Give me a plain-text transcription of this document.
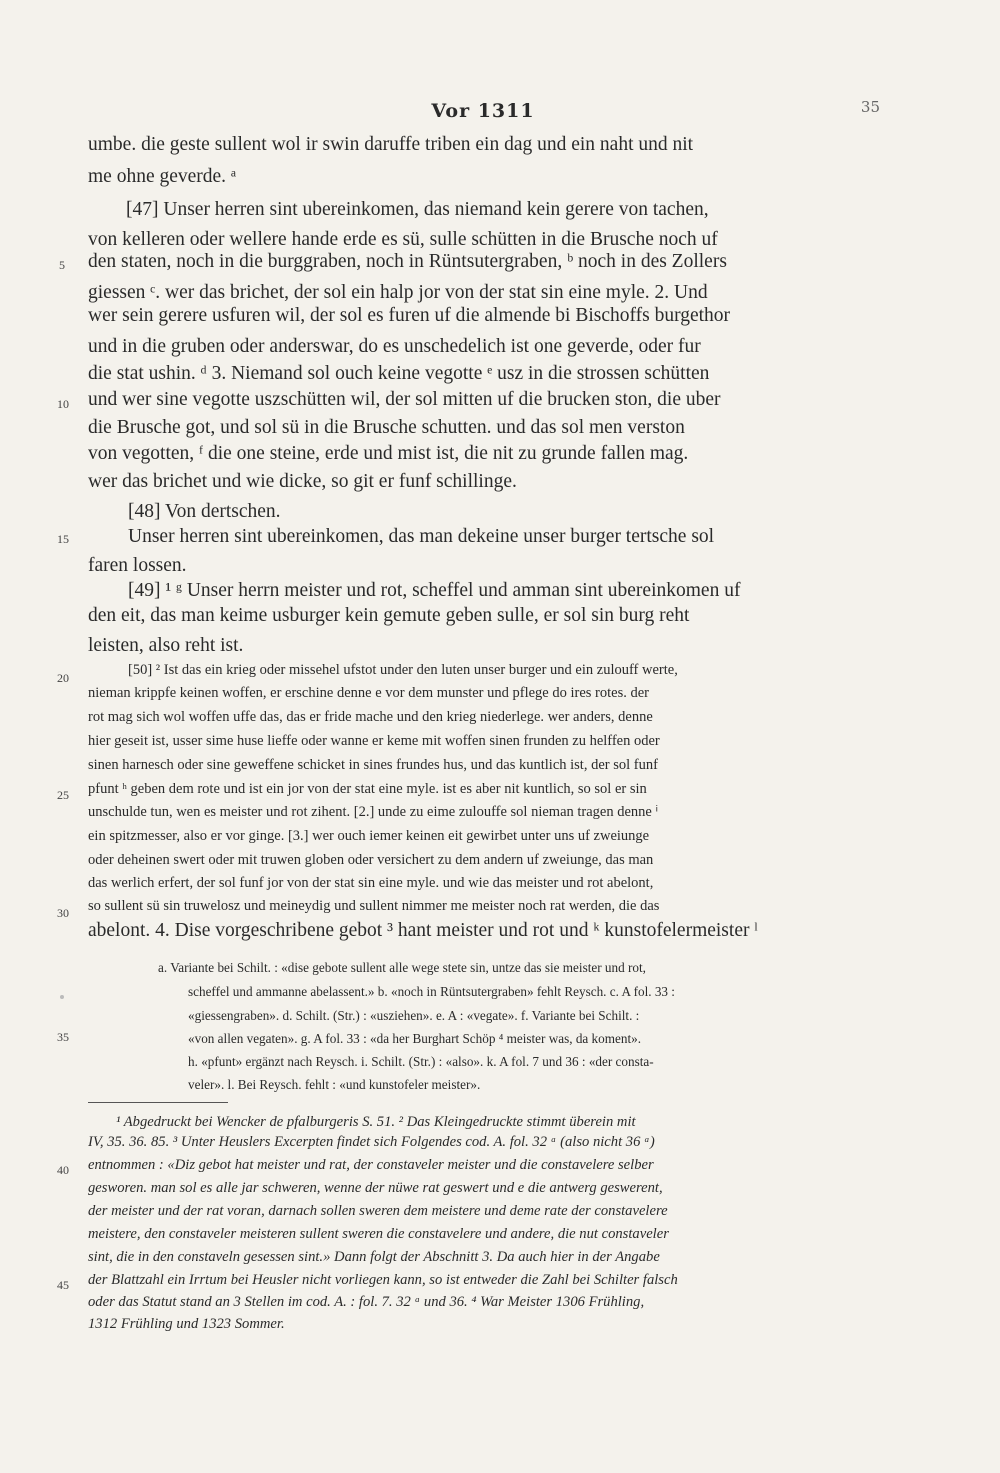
Vor 1311	35
umbe. die geste sullent wol ir swin daruffe triben ein dag und ein naht und nit
me ohne geverde. ᵃ
[47] Unser herren sint ubereinkomen, das niemand kein gerere von tachen,
von kelleren oder wellere hande erde es sü, sulle schütten in die Brusche noch uf
den staten, noch in die burggraben, noch in Rüntsutergraben, ᵇ noch in des Zollers
giessen ᶜ. wer das brichet, der sol ein halp jor von der stat sin eine myle. 2. Und
wer sein gerere usfuren wil, der sol es furen uf die almende bi Bischoffs burgethor
und in die gruben oder anderswar, do es unschedelich ist one geverde, oder fur
die stat ushin. ᵈ 3. Niemand sol ouch keine vegotte ᵉ usz in die strossen schütten
und wer sine vegotte uszschütten wil, der sol mitten uf die brucken ston, die uber
die Brusche got, und sol sü in die Brusche schutten. und das sol men verston
von vegotten, ᶠ die one steine, erde und mist ist, die nit zu grunde fallen mag.
wer das brichet und wie dicke, so git er funf schillinge.
[48] Von dertschen.
Unser herren sint ubereinkomen, das man dekeine unser burger tertsche sol
faren lossen.
[49] ¹ ᵍ Unser herrn meister und rot, scheffel und amman sint ubereinkomen uf
den eit, das man keime usburger kein gemute geben sulle, er sol sin burg reht
leisten, also reht ist.
[50] ² Ist das ein krieg oder missehel ufstot under den luten unser burger und ein zulouff werte,
nieman krippfe keinen woffen, er erschine denne e vor dem munster und pflege do ires rotes. der
rot mag sich wol woffen uffe das, das er fride mache und den krieg niederlege. wer anders, denne
hier geseit ist, usser sime huse lieffe oder wanne er keme mit woffen sinen frunden zu helffen oder
sinen harnesch oder sine geweffene schicket in sines frundes hus, und das kuntlich ist, der sol funf
pfunt ʰ geben dem rote und ist ein jor von der stat eine myle. ist es aber nit kuntlich, so sol er sin
unschulde tun, wen es meister und rot zihent. [2.] unde zu eime zulouffe sol nieman tragen denne ⁱ
ein spitzmesser, also er vor ginge. [3.] wer ouch iemer keinen eit gewirbet unter uns uf zweiunge
oder deheinen swert oder mit truwen globen oder versichert zu dem andern uf zweiunge, das man
das werlich erfert, der sol funf jor von der stat sin eine myle. und wie das meister und rot abelont,
so sullent sü sin truwelosz und meineydig und sullent nimmer me meister noch rat werden, die das
abelont. 4. Dise vorgeschribene gebot ³ hant meister und rot und ᵏ kunstofelermeister ˡ
a. Variante bei Schilt. : «dise gebote sullent alle wege stete sin, untze das sie meister und rot,
scheffel und ammanne abelassent.» b. «noch in Rüntsutergraben» fehlt Reysch. c. A fol. 33 :
«giessengraben». d. Schilt. (Str.) : «usziehen». e. A : «vegate». f. Variante bei Schilt. :
«von allen vegaten». g. A fol. 33 : «da her Burghart Schöp ⁴ meister was, da koment».
h. «pfunt» ergänzt nach Reysch. i. Schilt. (Str.) : «also». k. A fol. 7 und 36 : «der consta-
veler». l. Bei Reysch. fehlt : «und kunstofeler meister».
¹ Abgedruckt bei Wencker de pfalburgeris S. 51. ² Das Kleingedruckte stimmt überein mit
IV, 35. 36. 85. ³ Unter Heuslers Excerpten findet sich Folgendes cod. A. fol. 32 ᵃ (also nicht 36 ᵃ)
entnommen : «Diz gebot hat meister und rat, der constaveler meister und die constavelere selber
gesworen. man sol es alle jar schweren, wenne der nüwe rat geswert und e die antwerg geswerent,
der meister und der rat voran, darnach sollen sweren dem meistere und deme rate der constavelere
meistere, den constaveler meisteren sullent sweren die constavelere und andere, die nut constaveler
sint, die in den constaveln gesessen sint.» Dann folgt der Abschnitt 3. Da auch hier in der Angabe
der Blattzahl ein Irrtum bei Heusler nicht vorliegen kann, so ist entweder die Zahl bei Schilter falsch
oder das Statut stand an 3 Stellen im cod. A. : fol. 7. 32 ᵃ und 36. ⁴ War Meister 1306 Frühling,
1312 Frühling und 1323 Sommer.
5
10
15
20
25
30
35
40
45
